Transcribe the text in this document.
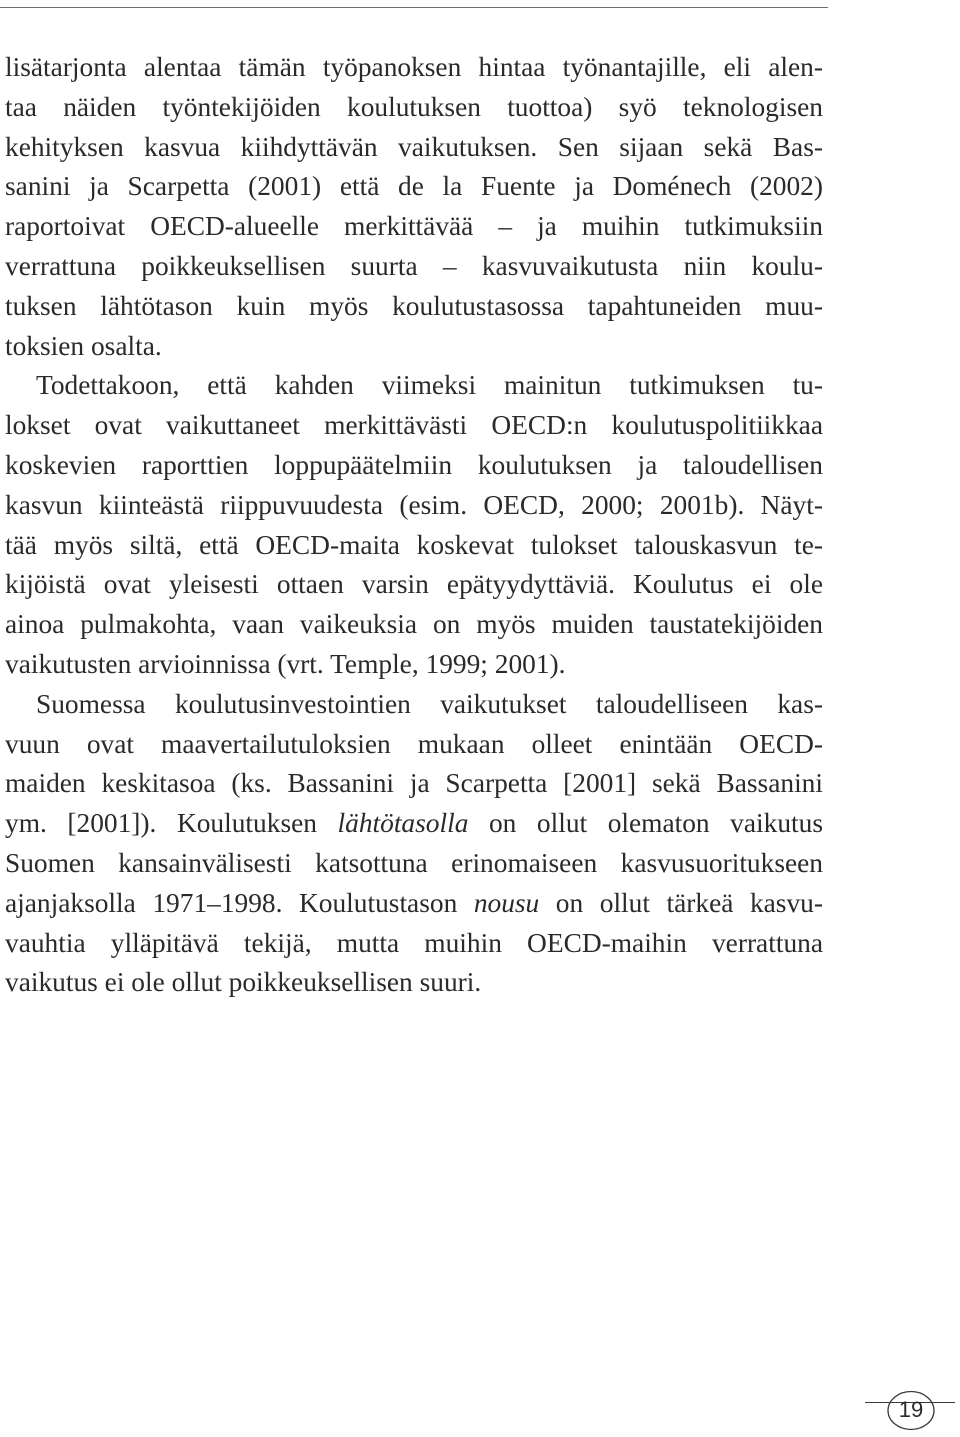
lisätarjonta alentaa tämän työpanoksen hintaa työnantajille, eli alen-
taa näiden työntekijöiden koulutuksen tuottoa) syö teknologisen
kehityksen kasvua kiihdyttävän vaikutuksen. Sen sijaan sekä Bas-
sanini ja Scarpetta (2001) että de la Fuente ja Doménech (2002)
raportoivat OECD-alueelle merkittävää – ja muihin tutkimuksiin
verrattuna poikkeuksellisen suurta – kasvuvaikutusta niin koulu-
tuksen lähtötason kuin myös koulutustasossa tapahtuneiden muu-
toksien osalta.
Todettakoon, että kahden viimeksi mainitun tutkimuksen tu-
lokset ovat vaikuttaneet merkittävästi OECD:n koulutuspolitiikkaa
koskevien raporttien loppupäätelmiin koulutuksen ja taloudellisen
kasvun kiinteästä riippuvuudesta (esim. OECD, 2000; 2001b). Näyt-
tää myös siltä, että OECD-maita koskevat tulokset talouskasvun te-
kijöistä ovat yleisesti ottaen varsin epätyydyttäviä. Koulutus ei ole
ainoa pulmakohta, vaan vaikeuksia on myös muiden taustatekijöiden
vaikutusten arvioinnissa (vrt. Temple, 1999; 2001).
Suomessa koulutusinvestointien vaikutukset taloudelliseen kas-
vuun ovat maavertailutuloksien mukaan olleet enintään OECD-
maiden keskitasoa (ks. Bassanini ja Scarpetta [2001] sekä Bassanini
ym. [2001]). Koulutuksen lähtötasolla on ollut olematon vaikutus
Suomen kansainvälisesti katsottuna erinomaiseen kasvusuoritukseen
ajanjaksolla 1971–1998. Koulutustason nousu on ollut tärkeä kasvu-
vauhtia ylläpitävä tekijä, mutta muihin OECD-maihin verrattuna
vaikutus ei ole ollut poikkeuksellisen suuri.
19
